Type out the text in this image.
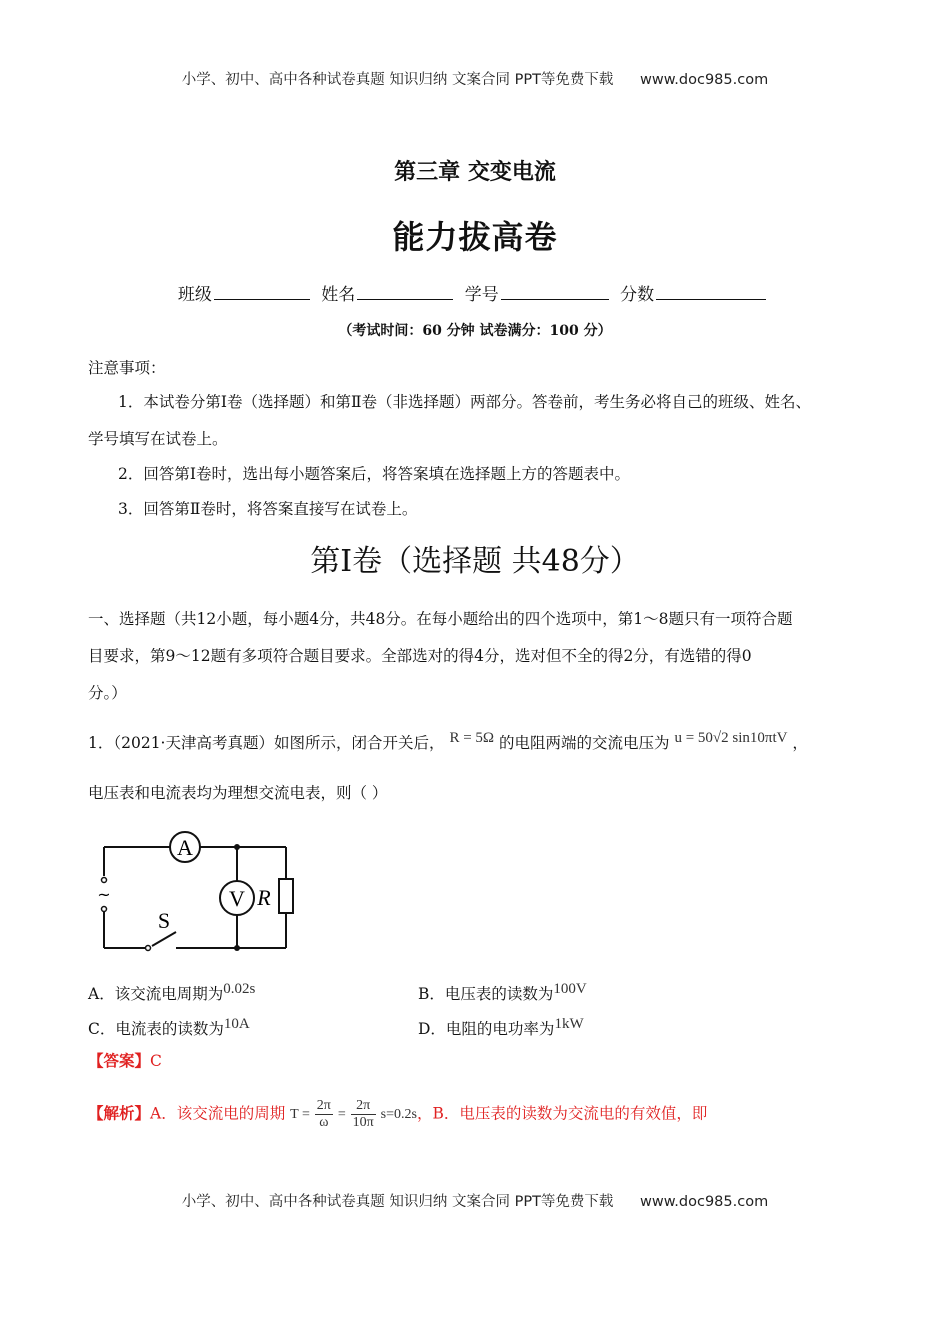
小学、初中、高中各种试卷真题 知识归纳 文案合同 PPT等免费下载 www.doc985.com
第三章 交变电流
能力拔高卷
班级	姓名	学号	分数
（考试时间：60 分钟 试卷满分：100 分）
注意事项：
1．本试卷分第Ⅰ卷（选择题）和第Ⅱ卷（非选择题）两部分。答卷前，考生务必将自己的班级、姓名、
学号填写在试卷上。
2．回答第Ⅰ卷时，选出每小题答案后，将答案填在选择题上方的答题表中。
3．回答第Ⅱ卷时，将答案直接写在试卷上。
第Ⅰ卷（选择题 共48分）
一、选择题（共12小题，每小题4分，共48分。在每小题给出的四个选项中，第1～8题只有一项符合题
目要求，第9～12题有多项符合题目要求。全部选对的得4分，选对但不全的得2分，有选错的得0
分。）
1．（2021·天津高考真题）如图所示，闭合开关后， R = 5Ω 的电阻两端的交流电压为 u = 50√2 sin10πtV ，
电压表和电流表均为理想交流电表，则（ ）
A
V R
~
S
A．该交流电周期为0.02s	B．电压表的读数为100V
C．电流表的读数为10A	D．电阻的电功率为1kW
【答案】C
【解析】A．该交流电的周期 $T = \frac{2\pi}{\omega} = \frac{2\pi}{10\pi} s=0.2s$，B．电压表的读数为交流电的有效值，即
小学、初中、高中各种试卷真题 知识归纳 文案合同 PPT等免费下载 www.doc985.com
